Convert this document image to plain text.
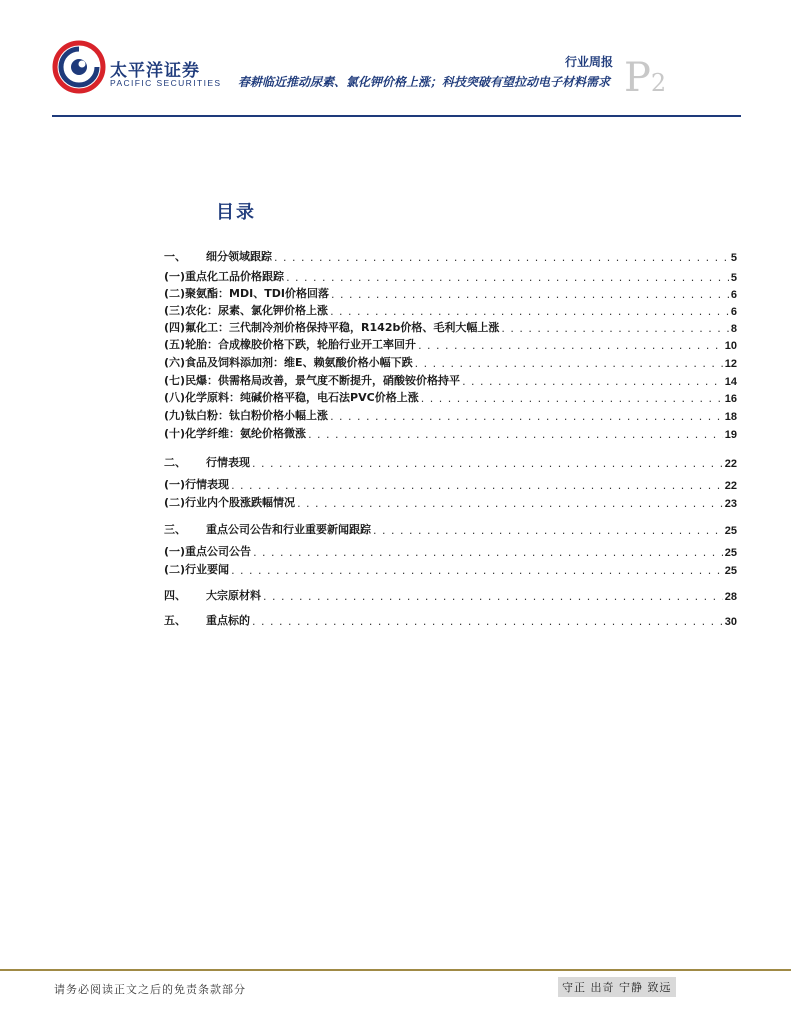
太平洋证券
PACIFIC SECURITIES
行业周报
春耕临近推动尿素、氯化钾价格上涨；科技突破有望拉动电子材料需求 P2
目录
一、 细分领域跟踪 . . .	5
(一)重点化工品价格跟踪 . . .	5
(二)聚氨酯：MDI、TDI价格回落 . . .	6
(三)农化：尿素、氯化钾价格上涨 . . .	6
(四)氟化工：三代制冷剂价格保持平稳，R142b价格、毛利大幅上涨 . . .	8
(五)轮胎：合成橡胶价格下跌，轮胎行业开工率回升 . . .	10
(六)食品及饲料添加剂：维E、赖氨酸价格小幅下跌 . . .	12
(七)民爆：供需格局改善，景气度不断提升，硝酸铵价格持平 . . .	14
(八)化学原料：纯碱价格平稳，电石法PVC价格上涨 . . .	16
(九)钛白粉：钛白粉价格小幅上涨 . . .	18
(十)化学纤维：氨纶价格微涨 . . .	19
二、 行情表现 . . .	22
(一)行情表现 . . .	22
(二)行业内个股涨跌幅情况 . . .	23
三、 重点公司公告和行业重要新闻跟踪 . . .	25
(一)重点公司公告 . . .	25
(二)行业要闻 . . .	25
四、 大宗原材料 . . .	28
五、 重点标的 . . .	30
请务必阅读正文之后的免责条款部分	守正 出奇 宁静 致远
